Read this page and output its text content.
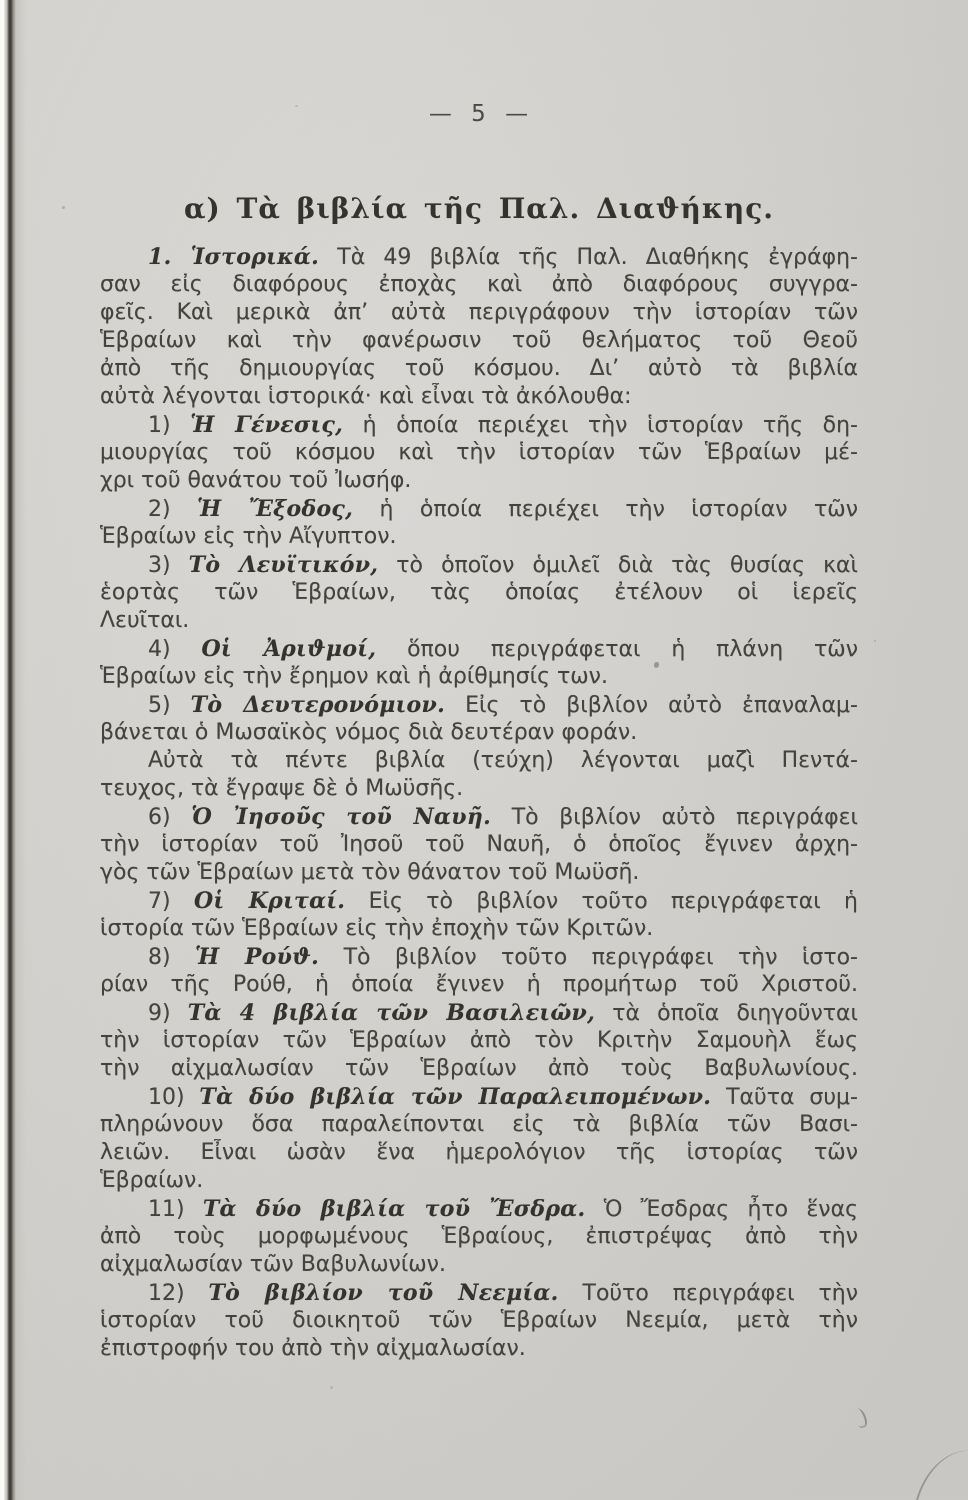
— 5 —
α) Τὰ βιβλία τῆς Παλ. Διαϑήκης.
1. Ἱστορικά. Τὰ 49 βιβλία τῆς Παλ. Διαθήκης ἐγράφη-
σαν εἰς διαφόρους ἐποχὰς καὶ ἀπὸ διαφόρους συγγρα-
φεῖς. Καὶ μερικὰ ἀπ’ αὐτὰ περιγράφουν τὴν ἱστορίαν τῶν
Ἑβραίων καὶ τὴν φανέρωσιν τοῦ θελήματος τοῦ Θεοῦ
ἀπὸ τῆς δημιουργίας τοῦ κόσμου. Δι’ αὐτὸ τὰ βιβλία
αὐτὰ λέγονται ἱστορικά· καὶ εἶναι τὰ ἀκόλουθα:
1) Ἡ Γένεσις, ἡ ὁποία περιέχει τὴν ἱστορίαν τῆς δη-
μιουργίας τοῦ κόσμου καὶ τὴν ἱστορίαν τῶν Ἑβραίων μέ-
χρι τοῦ θανάτου τοῦ Ἰωσήφ.
2) Ἡ Ἔξοδος, ἡ ὁποία περιέχει τὴν ἱστορίαν τῶν
Ἑβραίων εἰς τὴν Αἴγυπτον.
3) Τὸ Λευϊτικόν, τὸ ὁποῖον ὁμιλεῖ διὰ τὰς θυσίας καὶ
ἑορτὰς τῶν Ἑβραίων, τὰς ὁποίας ἐτέλουν οἱ ἱερεῖς
Λευῖται.
4) Οἱ Ἀριϑμοί, ὅπου περιγράφεται ἡ πλάνη τῶν
Ἑβραίων εἰς τὴν ἔρημον καὶ ἡ ἀρίθμησίς των.
5) Τὸ Δευτερονόμιον. Εἰς τὸ βιβλίον αὐτὸ ἐπαναλαμ-
βάνεται ὁ Μωσαϊκὸς νόμος διὰ δευτέραν φοράν.
Αὐτὰ τὰ πέντε βιβλία (τεύχη) λέγονται μαζὶ Πεντά-
τευχος, τὰ ἔγραψε δὲ ὁ Μωϋσῆς.
6) Ὁ Ἰησοῦς τοῦ Ναυῆ. Τὸ βιβλίον αὐτὸ περιγράφει
τὴν ἱστορίαν τοῦ Ἰησοῦ τοῦ Ναυῆ, ὁ ὁποῖος ἔγινεν ἀρχη-
γὸς τῶν Ἑβραίων μετὰ τὸν θάνατον τοῦ Μωϋσῆ.
7) Οἱ Κριταί. Εἰς τὸ βιβλίον τοῦτο περιγράφεται ἡ
ἱστορία τῶν Ἑβραίων εἰς τὴν ἐποχὴν τῶν Κριτῶν.
8) Ἡ Ρούϑ. Τὸ βιβλίον τοῦτο περιγράφει τὴν ἱστο-
ρίαν τῆς Ρούθ, ἡ ὁποία ἔγινεν ἡ προμήτωρ τοῦ Χριστοῦ.
9) Τὰ 4 βιβλία τῶν Βασιλειῶν, τὰ ὁποῖα διηγοῦνται
τὴν ἱστορίαν τῶν Ἑβραίων ἀπὸ τὸν Κριτὴν Σαμουὴλ ἕως
τὴν αἰχμαλωσίαν τῶν Ἑβραίων ἀπὸ τοὺς Βαβυλωνίους.
10) Τὰ δύο βιβλία τῶν Παραλειπομένων. Ταῦτα συμ-
πληρώνουν ὅσα παραλείπονται εἰς τὰ βιβλία τῶν Βασι-
λειῶν. Εἶναι ὡσὰν ἕνα ἡμερολόγιον τῆς ἱστορίας τῶν
Ἑβραίων.
11) Τὰ δύο βιβλία τοῦ Ἔσδρα. Ὁ Ἔσδρας ἦτο ἕνας
ἀπὸ τοὺς μορφωμένους Ἑβραίους, ἐπιστρέψας ἀπὸ τὴν
αἰχμαλωσίαν τῶν Βαβυλωνίων.
12) Τὸ βιβλίον τοῦ Νεεμία. Τοῦτο περιγράφει τὴν
ἱστορίαν τοῦ διοικητοῦ τῶν Ἑβραίων Νεεμία, μετὰ τὴν
ἐπιστροφήν του ἀπὸ τὴν αἰχμαλωσίαν.
